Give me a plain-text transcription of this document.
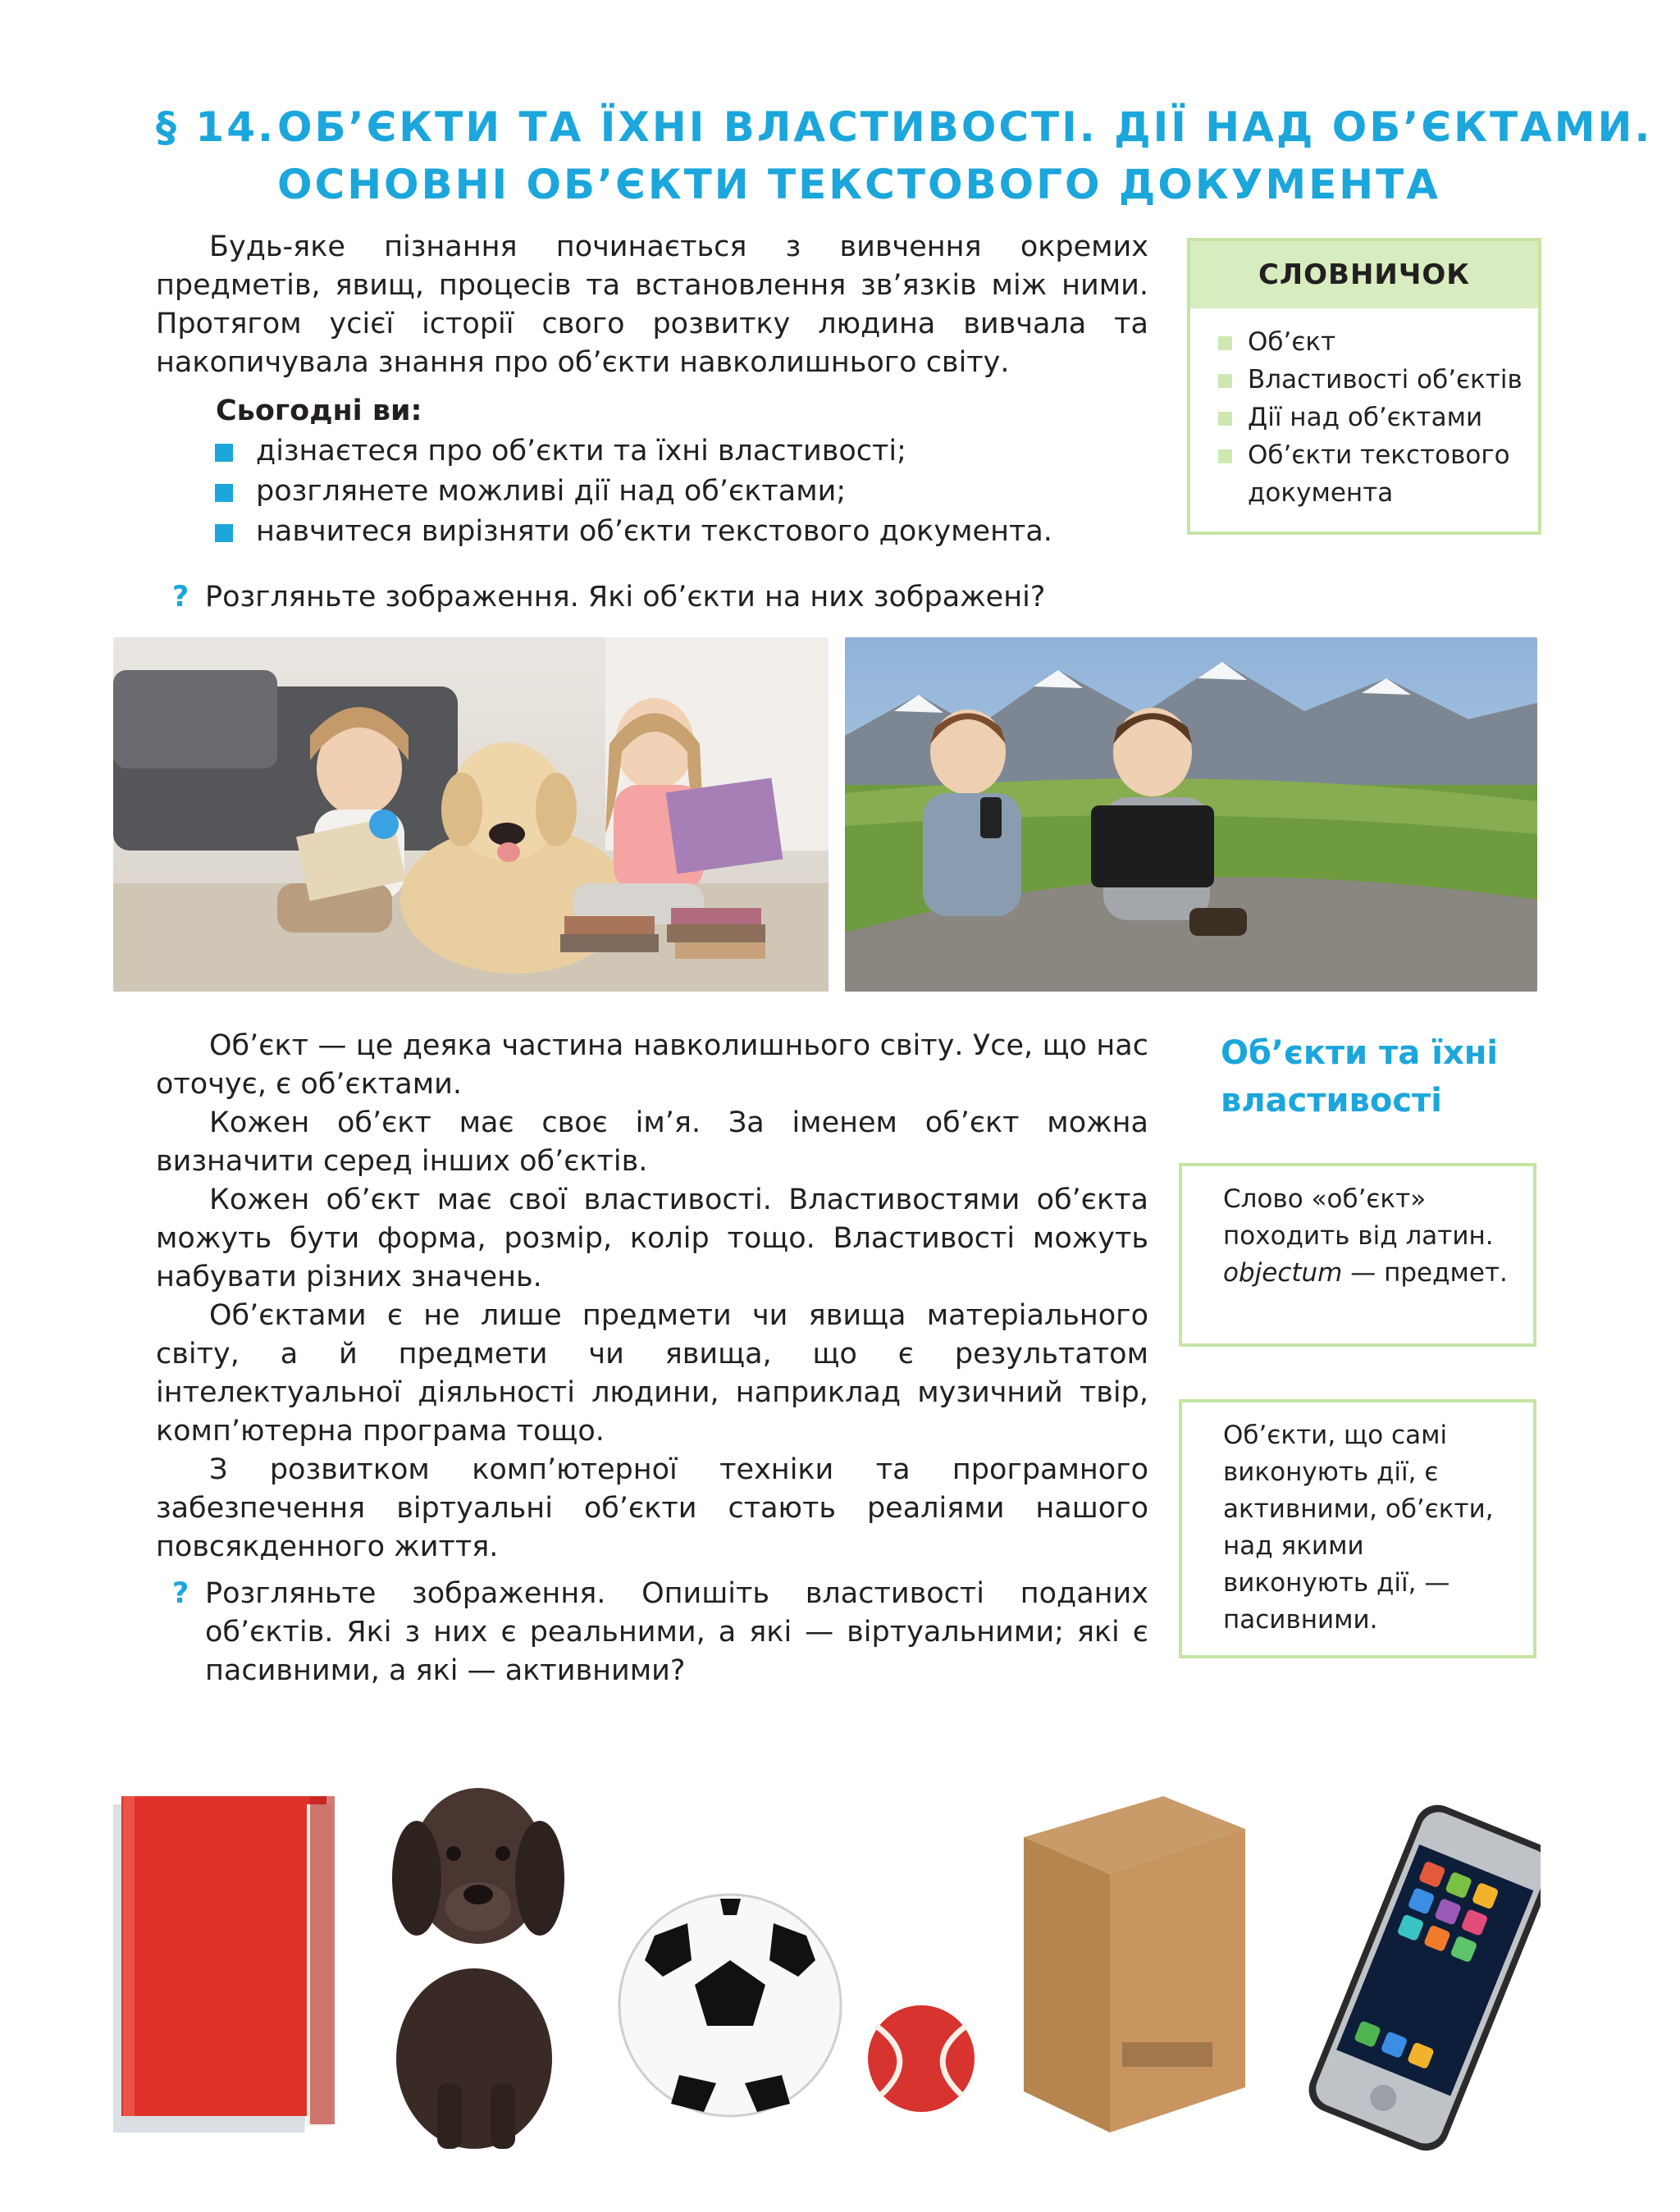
§ 14.ОБ’ЄКТИ ТА ЇХНІ ВЛАСТИВОСТІ. ДІЇ НАД ОБ’ЄКТАМИ.
ОСНОВНІ ОБ’ЄКТИ ТЕКСТОВОГО ДОКУМЕНТА

Будь-яке пізнання починається з вивчення окремих предметів, явищ, процесів та встановлення зв’язків між ними. Протягом усієї історії свого розвитку людина вивчала та накопичувала знання про об’єкти навколишнього світу.

Сьогодні ви:
дізнаєтеся про об’єкти та їхні властивості;
розглянете можливі дії над об’єктами;
навчитеся вирізняти об’єкти текстового документа.
СЛОВНИЧОК
Об’єкт
Властивості об’єктів
Дії над об’єктами
Об’єкти текстового документа
? Розгляньте зображення. Які об’єкти на них зображені?

Об’єкт — це деяка частина навколишнього світу. Усе, що нас оточує, є об’єктами.

Кожен об’єкт має своє ім’я. За іменем об’єкт можна визначити серед інших об’єктів.

Кожен об’єкт має свої властивості. Властивостями об’єкта можуть бути форма, розмір, колір тощо. Властивості можуть набувати різних значень.

Об’єктами є не лише предмети чи явища матеріального світу, а й предмети чи явища, що є результатом інтелектуальної діяльності людини, наприклад музичний твір, комп’ютерна програма тощо.

З розвитком комп’ютерної техніки та програмного забезпечення віртуальні об’єкти стають реаліями нашого повсякденного життя.

? Розгляньте зображення. Опишіть властивості поданих об’єктів. Які з них є реальними, а які — віртуальними; які є пасивними, а які — активними?
Об’єкти та їхні властивості
Слово «об’єкт» походить від латин. objectum — предмет.
Об’єкти, що самі виконують дії, є активними, об’єкти, над якими виконують дії, — пасивними.
